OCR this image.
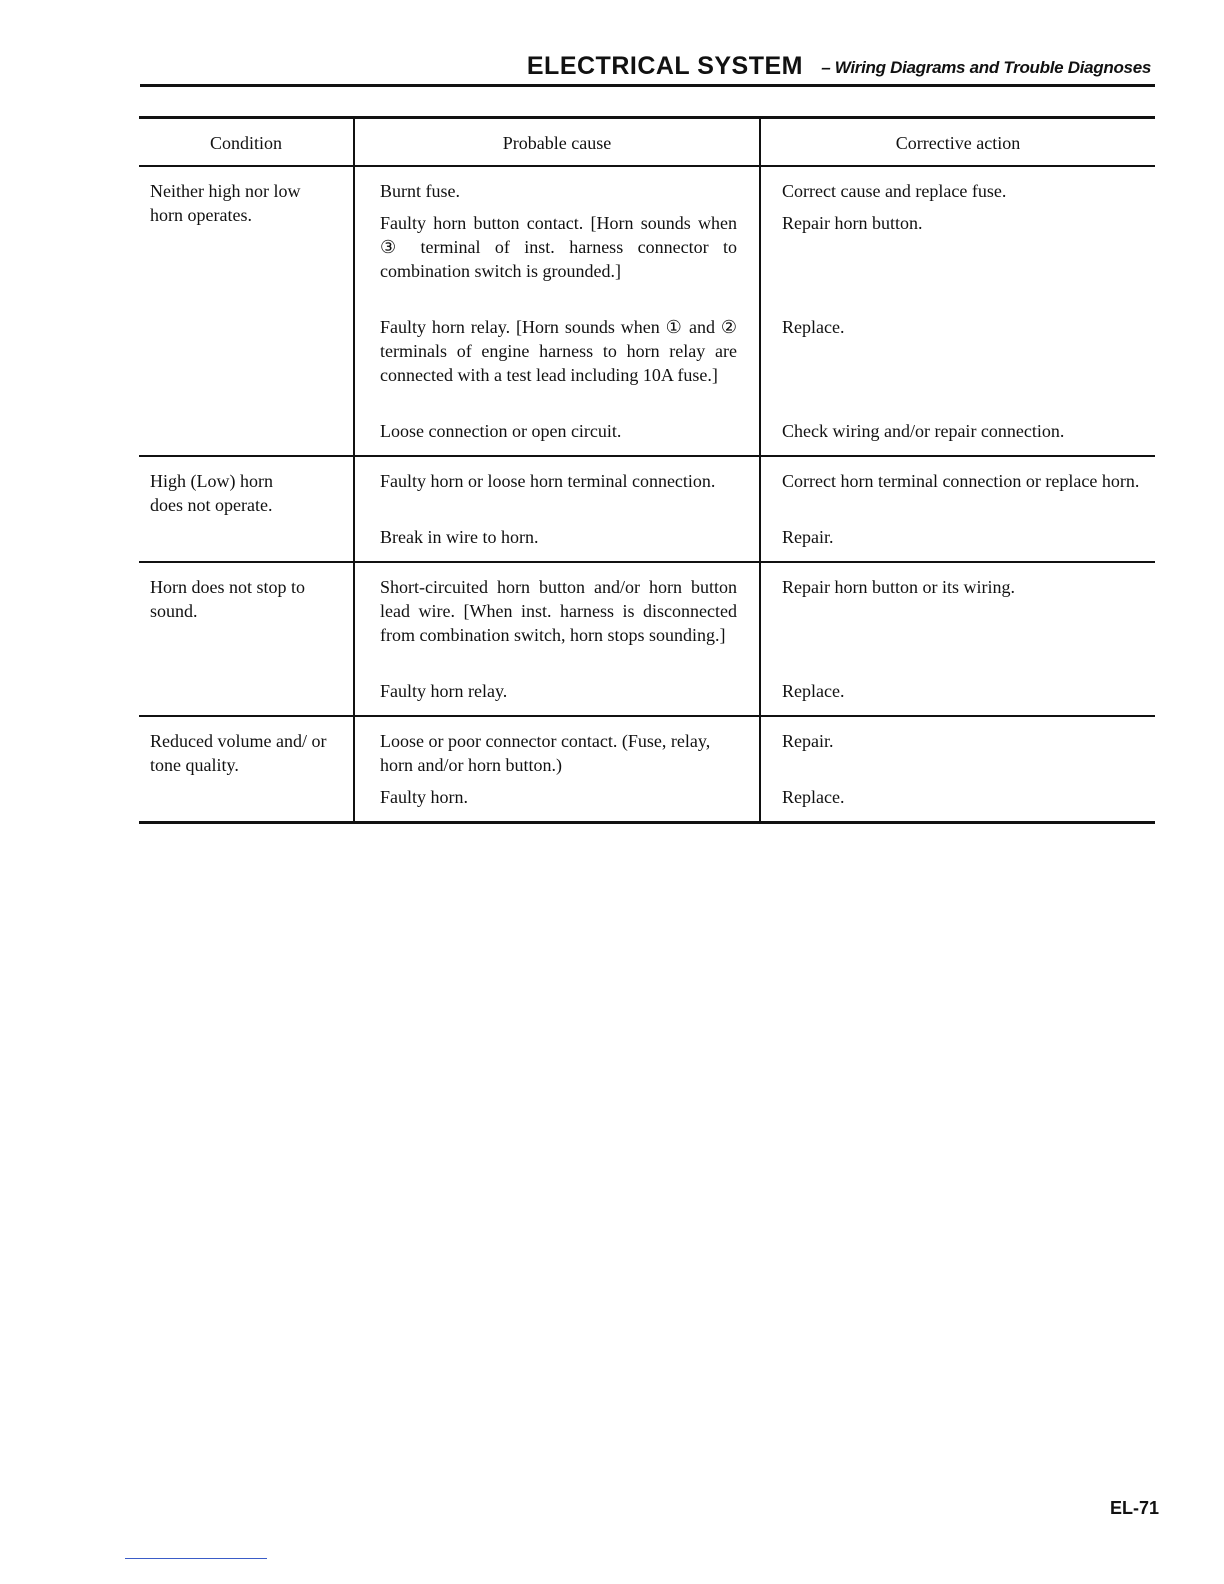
ELECTRICAL SYSTEM – Wiring Diagrams and Trouble Diagnoses
Condition	Probable cause	Corrective action
Neither high nor low horn operates.
Burnt fuse.
Faulty horn button contact. [Horn sounds when ③ terminal of inst. harness connector to combination switch is grounded.]
Faulty horn relay. [Horn sounds when ① and ② terminals of engine harness to horn relay are connected with a test lead including 10A fuse.]
Loose connection or open circuit.
Correct cause and replace fuse.
Repair horn button.
Replace.
Check wiring and/or repair connection.
High (Low) horn does not operate.
Faulty horn or loose horn terminal connection.
Break in wire to horn.
Correct horn terminal connection or replace horn.
Repair.
Horn does not stop to sound.
Short-circuited horn button and/or horn button lead wire. [When inst. harness is disconnected from combination switch, horn stops sounding.]
Faulty horn relay.
Repair horn button or its wiring.
Replace.
Reduced volume and/ or tone quality.
Loose or poor connector contact. (Fuse, relay, horn and/or horn button.)
Faulty horn.
Repair.
Replace.
EL-71
